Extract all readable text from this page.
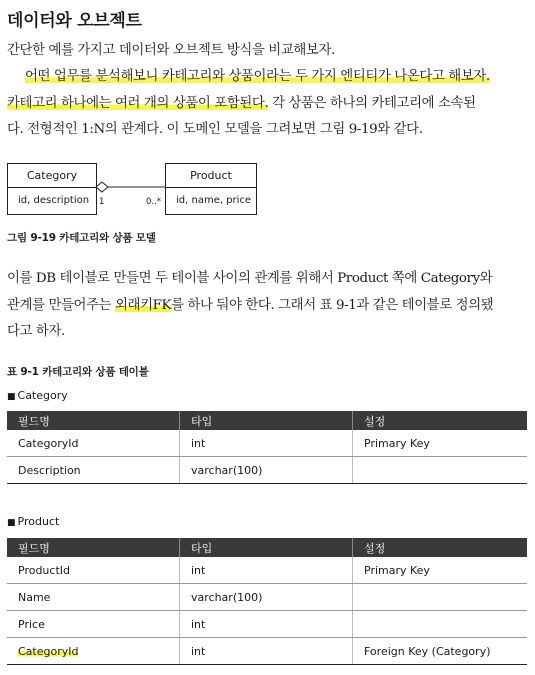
데이터와 오브젝트

간단한 예를 가지고 데이터와 오브젝트 방식을 비교해보자.

어떤 업무를 분석해보니 카테고리와 상품이라는 두 가지 엔티티가 나온다고 해보자.
카테고리 하나에는 여러 개의 상품이 포함된다. 각 상품은 하나의 카테고리에 소속된
다. 전형적인 1:N의 관계다. 이 도메인 모델을 그려보면 그림 9-19와 같다.

Category
id, description
Product
id, name, price
1	0..*
그림 9-19 카테고리와 상품 모델

이를 DB 테이블로 만들면 두 테이블 사이의 관계를 위해서 Product 쪽에 Category와
관계를 만들어주는 외래키FK를 하나 둬야 한다. 그래서 표 9-1과 같은 테이블로 정의됐
다고 하자.

표 9-1 카테고리와 상품 테이블
■ Category
필드명	타입	설정
CategoryId	int	Primary Key
Description	varchar(100)	
■ Product
필드명	타입	설정
ProductId	int	Primary Key
Name	varchar(100)	
Price	int	
CategoryId	int	Foreign Key (Category)
